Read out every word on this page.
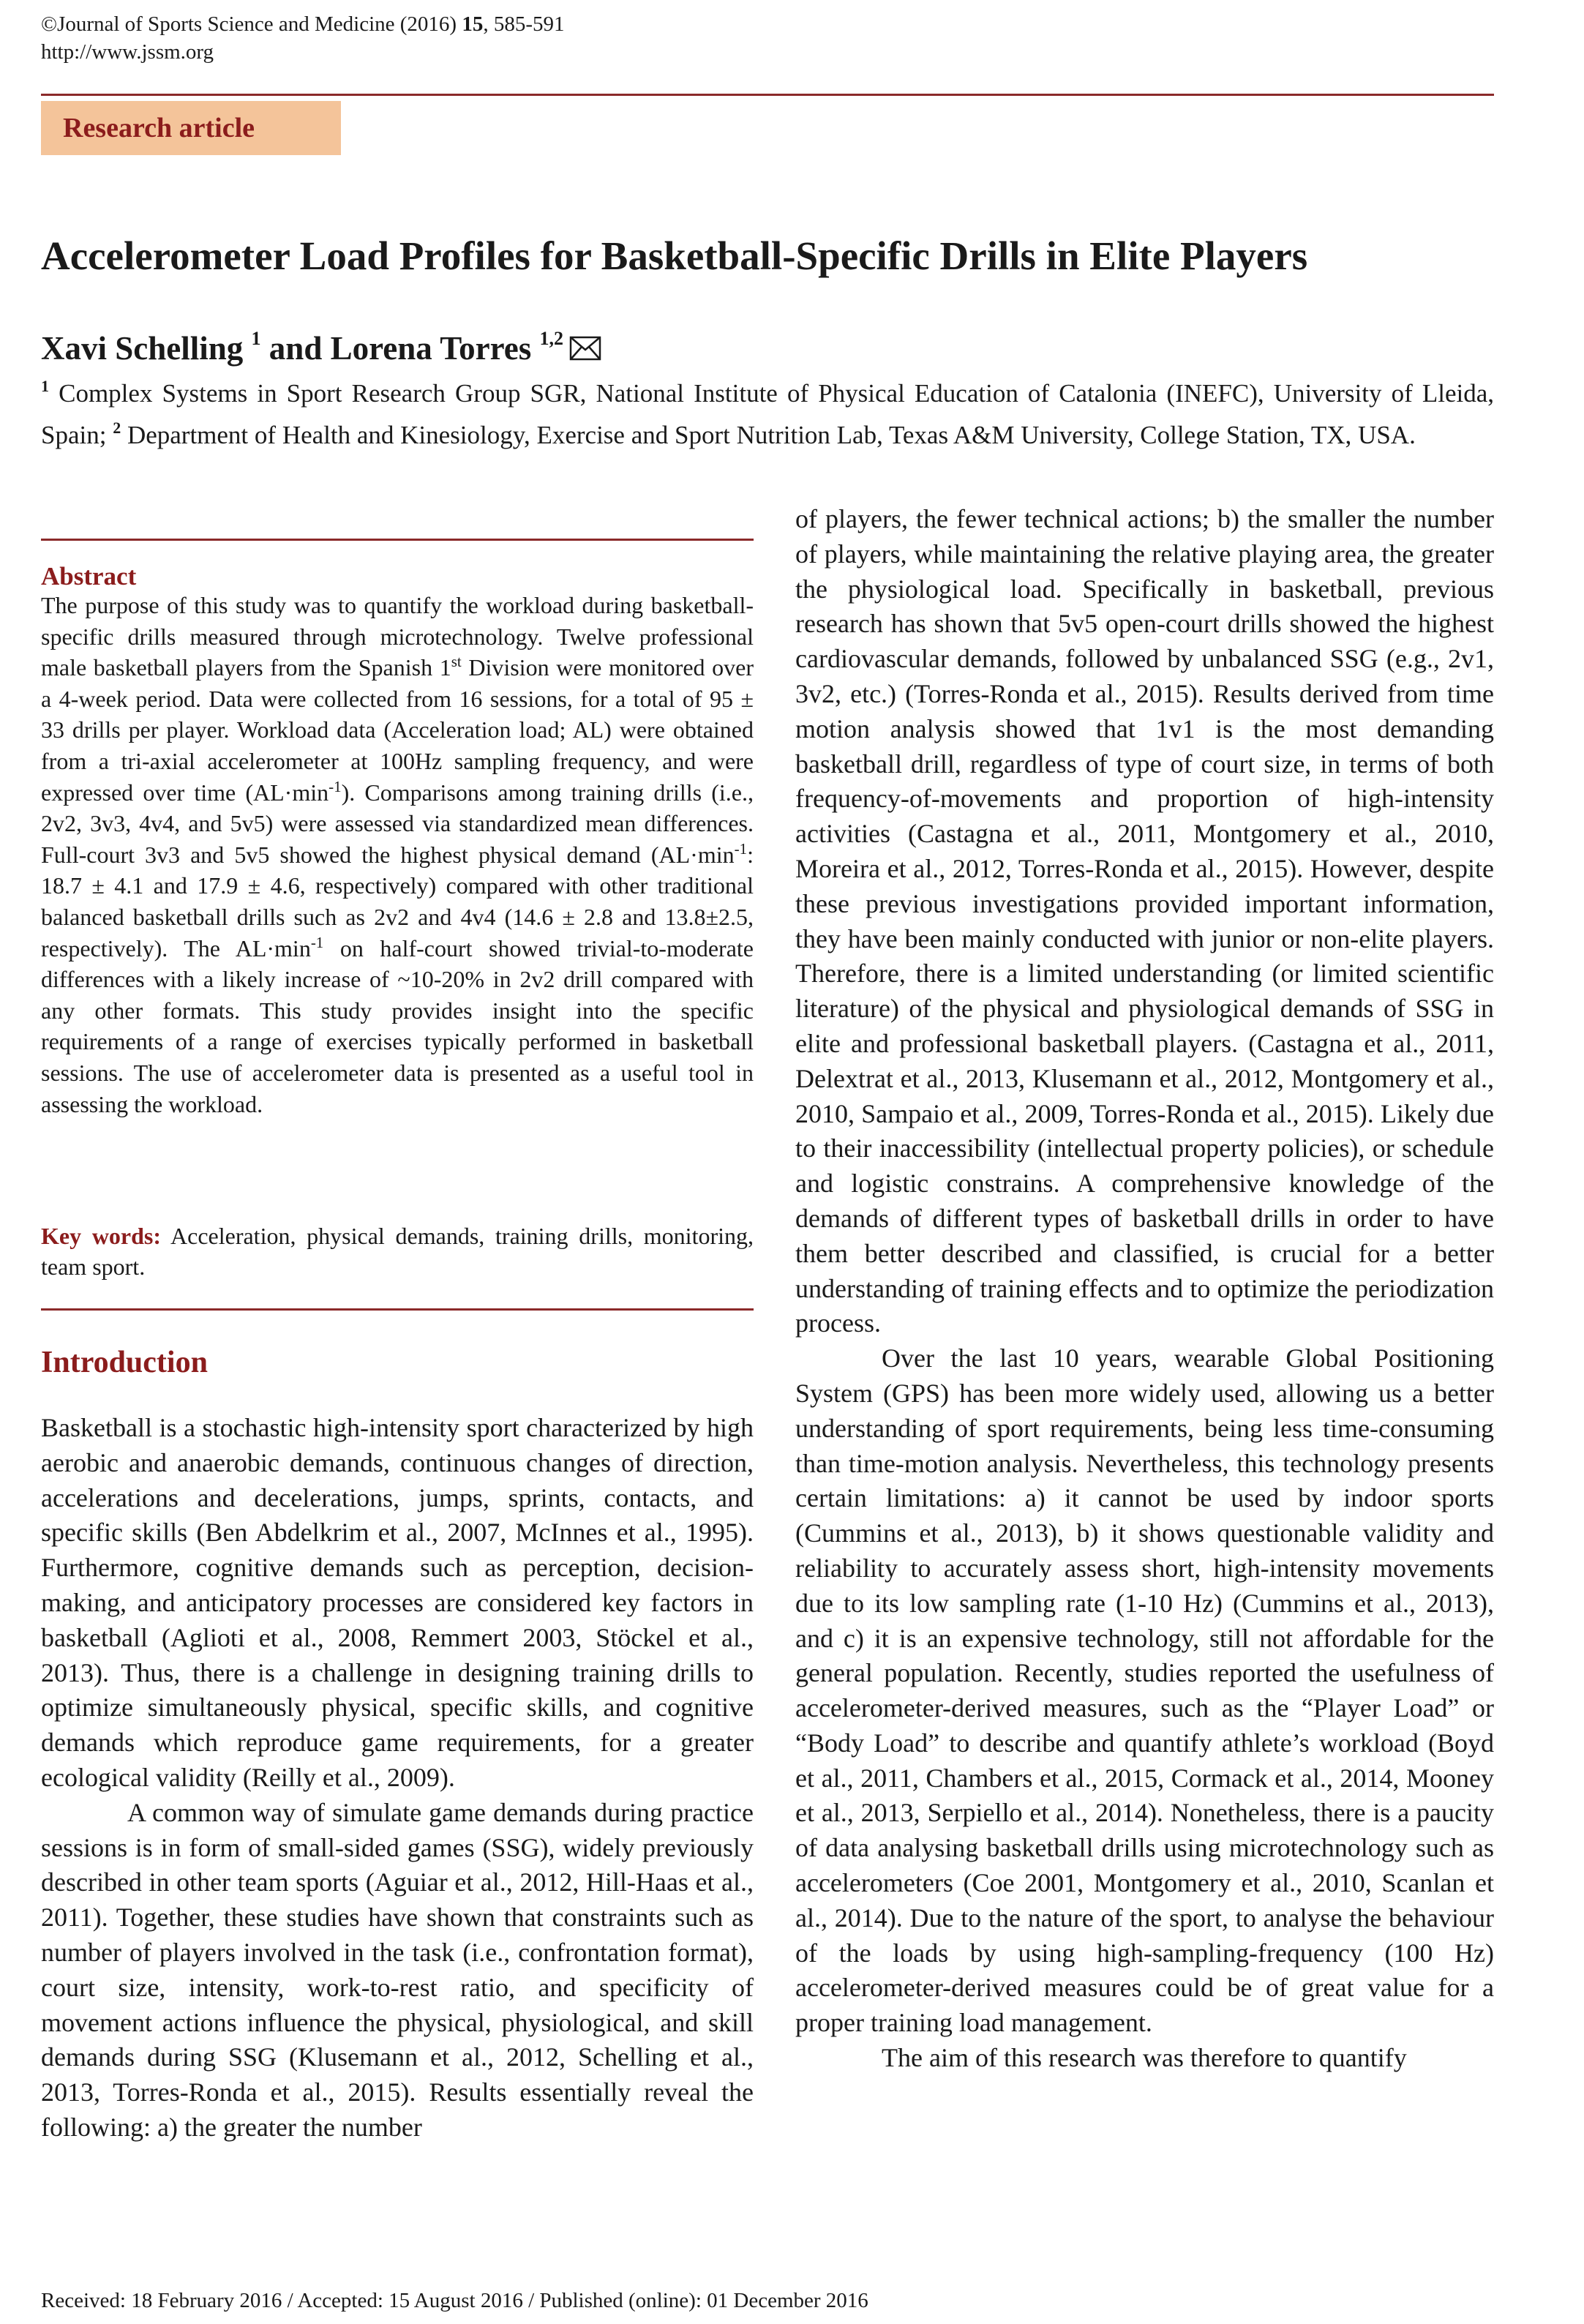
©Journal of Sports Science and Medicine (2016) 15, 585-591
http://www.jssm.org
Research article
Accelerometer Load Profiles for Basketball-Specific Drills in Elite Players
Xavi Schelling $^1$ and Lorena Torres $^{1,2}$
$^1$ Complex Systems in Sport Research Group SGR, National Institute of Physical Education of Catalonia (INEFC), University of Lleida, Spain; $^2$ Department of Health and Kinesiology, Exercise and Sport Nutrition Lab, Texas A&M University, College Station, TX, USA.
Abstract
The purpose of this study was to quantify the workload during basketball-specific drills measured through microtechnology. Twelve professional male basketball players from the Spanish 1st Division were monitored over a 4-week period. Data were collected from 16 sessions, for a total of 95 ± 33 drills per player. Workload data (Acceleration load; AL) were obtained from a tri-axial accelerometer at 100Hz sampling frequency, and were expressed over time $(AL\cdot\min^{-1})$. Comparisons among training drills (i.e., 2v2, 3v3, 4v4, and 5v5) were assessed via standardized mean differences. Full-court 3v3 and 5v5 showed the highest physical demand ($AL\cdot\min^{-1}$: 18.7 ± 4.1 and 17.9 ± 4.6, respectively) compared with other traditional balanced basketball drills such as 2v2 and 4v4 (14.6 ± 2.8 and 13.8±2.5, respectively). The $AL\cdot\min^{-1}$ on half-court showed trivial-to-moderate differences with a likely increase of ~10-20% in 2v2 drill compared with any other formats. This study provides insight into the specific requirements of a range of exercises typically performed in basketball sessions. The use of accelerometer data is presented as a useful tool in assessing the workload.
Key words: Acceleration, physical demands, training drills, monitoring, team sport.
Introduction

Basketball is a stochastic high-intensity sport characterized by high aerobic and anaerobic demands, continuous changes of direction, accelerations and decelerations, jumps, sprints, contacts, and specific skills (Ben Abdelkrim et al., 2007, McInnes et al., 1995). Furthermore, cognitive demands such as perception, decision-making, and anticipatory processes are considered key factors in basketball (Aglioti et al., 2008, Remmert 2003, Stöckel et al., 2013). Thus, there is a challenge in designing training drills to optimize simultaneously physical, specific skills, and cognitive demands which reproduce game requirements, for a greater ecological validity (Reilly et al., 2009).

A common way of simulate game demands during practice sessions is in form of small-sided games (SSG), widely previously described in other team sports (Aguiar et al., 2012, Hill-Haas et al., 2011). Together, these studies have shown that constraints such as number of players involved in the task (i.e., confrontation format), court size, intensity, work-to-rest ratio, and specificity of movement actions influence the physical, physiological, and skill demands during SSG (Klusemann et al., 2012, Schelling et al., 2013, Torres-Ronda et al., 2015). Results essentially reveal the following: a) the greater the number

of players, the fewer technical actions; b) the smaller the number of players, while maintaining the relative playing area, the greater the physiological load. Specifically in basketball, previous research has shown that 5v5 open-court drills showed the highest cardiovascular demands, followed by unbalanced SSG (e.g., 2v1, 3v2, etc.) (Torres-Ronda et al., 2015). Results derived from time motion analysis showed that 1v1 is the most demanding basketball drill, regardless of type of court size, in terms of both frequency-of-movements and proportion of high-intensity activities (Castagna et al., 2011, Montgomery et al., 2010, Moreira et al., 2012, Torres-Ronda et al., 2015). However, despite these previous investigations provided important information, they have been mainly conducted with junior or non-elite players. Therefore, there is a limited understanding (or limited scientific literature) of the physical and physiological demands of SSG in elite and professional basketball players. (Castagna et al., 2011, Delextrat et al., 2013, Klusemann et al., 2012, Montgomery et al., 2010, Sampaio et al., 2009, Torres-Ronda et al., 2015). Likely due to their inaccessibility (intellectual property policies), or schedule and logistic constrains. A comprehensive knowledge of the demands of different types of basketball drills in order to have them better described and classified, is crucial for a better understanding of training effects and to optimize the periodization process.

Over the last 10 years, wearable Global Positioning System (GPS) has been more widely used, allowing us a better understanding of sport requirements, being less time-consuming than time-motion analysis. Nevertheless, this technology presents certain limitations: a) it cannot be used by indoor sports (Cummins et al., 2013), b) it shows questionable validity and reliability to accurately assess short, high-intensity movements due to its low sampling rate (1-10 Hz) (Cummins et al., 2013), and c) it is an expensive technology, still not affordable for the general population. Recently, studies reported the usefulness of accelerometer-derived measures, such as the “Player Load” or “Body Load” to describe and quantify athlete’s workload (Boyd et al., 2011, Chambers et al., 2015, Cormack et al., 2014, Mooney et al., 2013, Serpiello et al., 2014). Nonetheless, there is a paucity of data analysing basketball drills using microtechnology such as accelerometers (Coe 2001, Montgomery et al., 2010, Scanlan et al., 2014). Due to the nature of the sport, to analyse the behaviour of the loads by using high-sampling-frequency (100 Hz) accelerometer-derived measures could be of great value for a proper training load management.

The aim of this research was therefore to quantify

Received: 18 February 2016 / Accepted: 15 August 2016 / Published (online): 01 December 2016
